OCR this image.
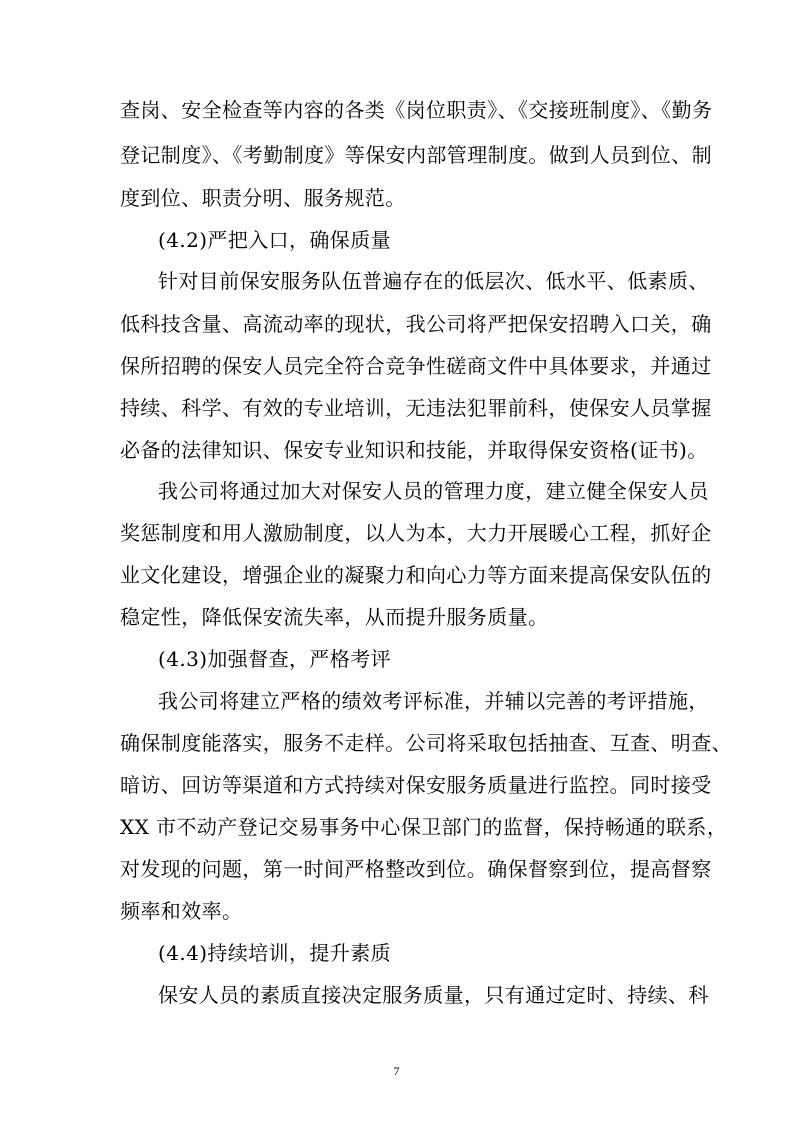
查岗、安全检查等内容的各类《岗位职责》、《交接班制度》、《勤务
登记制度》、《考勤制度》等保安内部管理制度。做到人员到位、制
度到位、职责分明、服务规范。
(4.2)严把入口，确保质量
针对目前保安服务队伍普遍存在的低层次、低水平、低素质、
低科技含量、高流动率的现状，我公司将严把保安招聘入口关，确
保所招聘的保安人员完全符合竞争性磋商文件中具体要求，并通过
持续、科学、有效的专业培训，无违法犯罪前科，使保安人员掌握
必备的法律知识、保安专业知识和技能，并取得保安资格(证书)。
我公司将通过加大对保安人员的管理力度，建立健全保安人员
奖惩制度和用人激励制度，以人为本，大力开展暖心工程，抓好企
业文化建设，增强企业的凝聚力和向心力等方面来提高保安队伍的
稳定性，降低保安流失率，从而提升服务质量。
(4.3)加强督查，严格考评
我公司将建立严格的绩效考评标准，并辅以完善的考评措施，
确保制度能落实，服务不走样。公司将采取包括抽查、互查、明查、
暗访、回访等渠道和方式持续对保安服务质量进行监控。同时接受
XX 市不动产登记交易事务中心保卫部门的监督，保持畅通的联系，
对发现的问题，第一时间严格整改到位。确保督察到位，提高督察
频率和效率。
(4.4)持续培训，提升素质
保安人员的素质直接决定服务质量，只有通过定时、持续、科
7
